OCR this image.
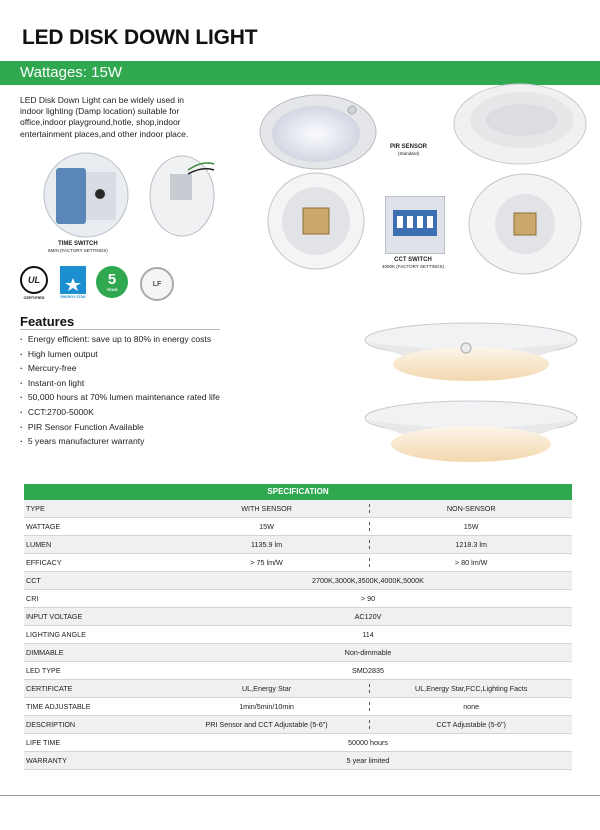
LED DISK DOWN LIGHT
Wattages: 15W
LED Disk Down Light can be widely used in indoor lighting (Damp location) suitable for office,indoor playground,hotle, shop,indoor entertainment places,and other indoor place.
PIR SENSOR
(Standard)
TIME SWITCH
5MIN (FACTORY SETTINGS)
CCT SWITCH
4000K (FACTORY SETTINGS)
UL
CERTIFIED	ENERGY STAR
5
YEAR
LF
Features
· Energy efficient: save up to 80% in energy costs
· High lumen output
· Mercury-free
· Instant-on light
· 50,000 hours at 70% lumen maintenance rated life
· CCT:2700-5000K
· PIR Sensor Function Available
· 5 years manufacturer warranty
SPECIFICATION
TYPE	WITH SENSOR	NON-SENSOR
WATTAGE	15W	15W
LUMEN	1135.9 lm	1218.3 lm
EFFICACY	> 75 lm/W	> 80 lm/W
CCT	2700K,3000K,3500K,4000K,5000K
CRI	> 90
INPUT VOLTAGE	AC120V
LIGHTING ANGLE	114
DIMMABLE	Non-dimmable
LED TYPE	SMD2835
CERTIFICATE	UL,Energy Star	UL,Energy Star,FCC,Lighting Facts
TIME ADJUSTABLE	1min/5min/10min	none
DESCRIPTION	PRI Sensor and CCT Adjustable (5-6")	CCT Adjustable (5-6")
LIFE TIME	50000 hours
WARRANTY	5 year limited
